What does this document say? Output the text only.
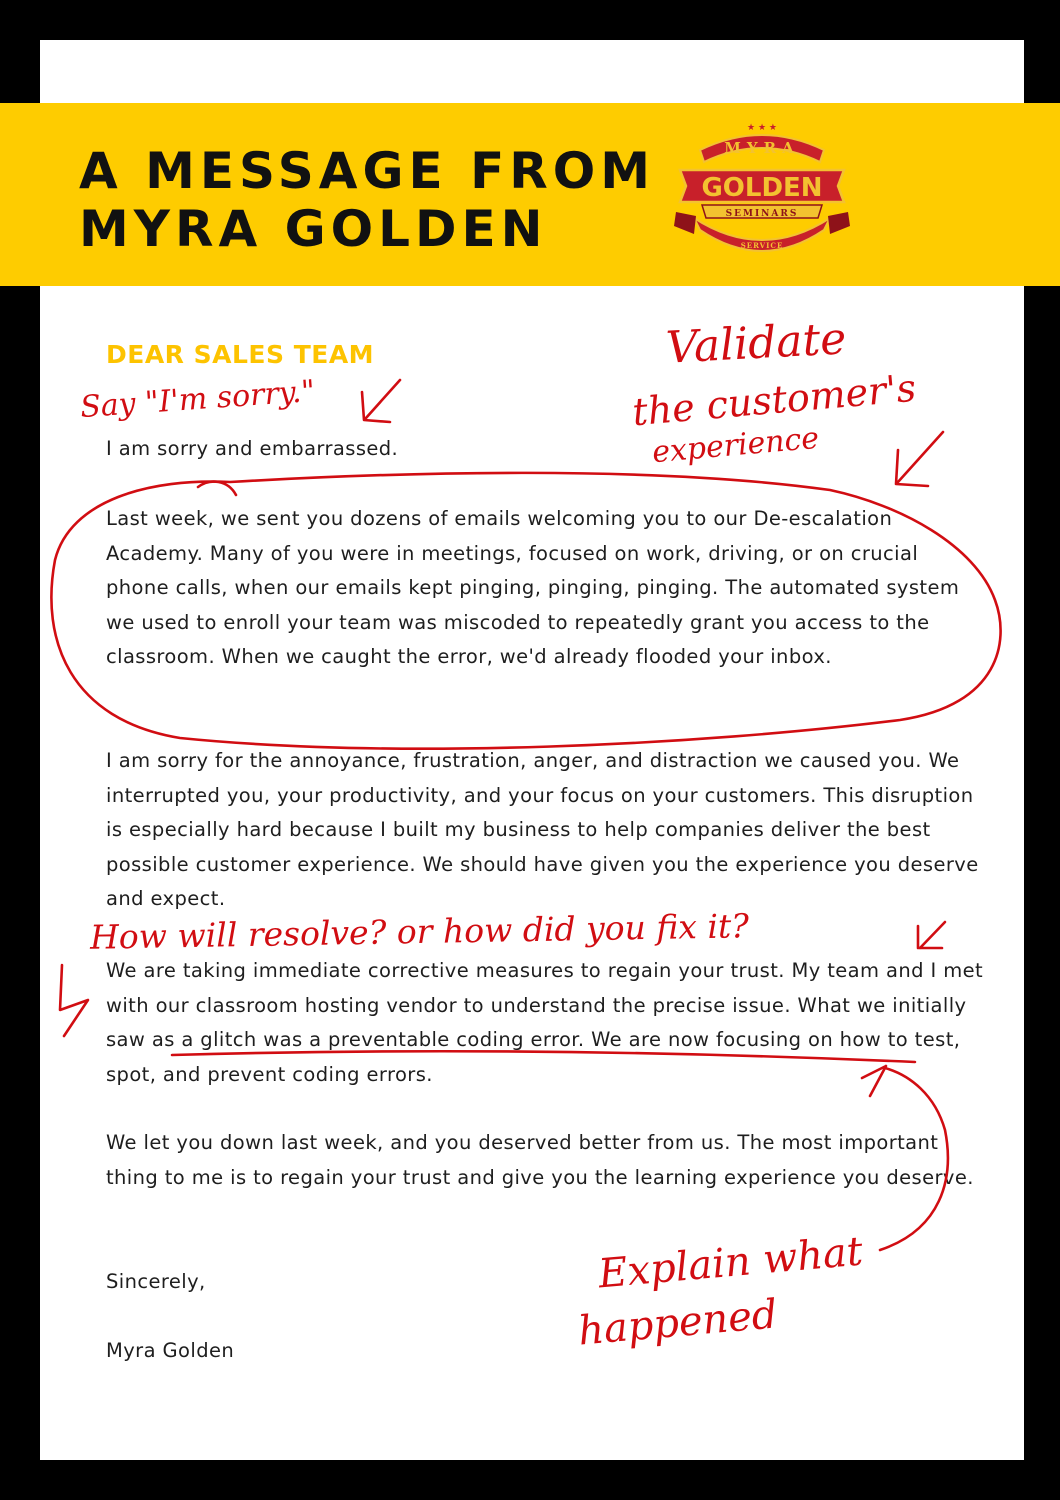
A MESSAGE FROM
MYRA GOLDEN
MYRA
★ ★ ★
GOLDEN
SEMINARS
SERVICE
DEAR SALES TEAM

I am sorry and embarrassed.

Last week, we sent you dozens of emails welcoming you to our De-escalation Academy. Many of you were in meetings, focused on work, driving, or on crucial phone calls, when our emails kept pinging, pinging, pinging. The automated system we used to enroll your team was miscoded to repeatedly grant you access to the classroom. When we caught the error, we'd already flooded your inbox.

I am sorry for the annoyance, frustration, anger, and distraction we caused you. We interrupted you, your productivity, and your focus on your customers. This disruption is especially hard because I built my business to help companies deliver the best possible customer experience. We should have given you the experience you deserve and expect.

We are taking immediate corrective measures to regain your trust. My team and I met with our classroom hosting vendor to understand the precise issue. What we initially saw as a glitch was a preventable coding error. We are now focusing on how to test, spot, and prevent coding errors.

We let you down last week, and you deserved better from us. The most important thing to me is to regain your trust and give you the learning experience you deserve.

Sincerely,

Myra Golden

Say "I'm sorry."
Validate
the customer's
experience
How will resolve? or how did you fix it?
Explain what
happened
